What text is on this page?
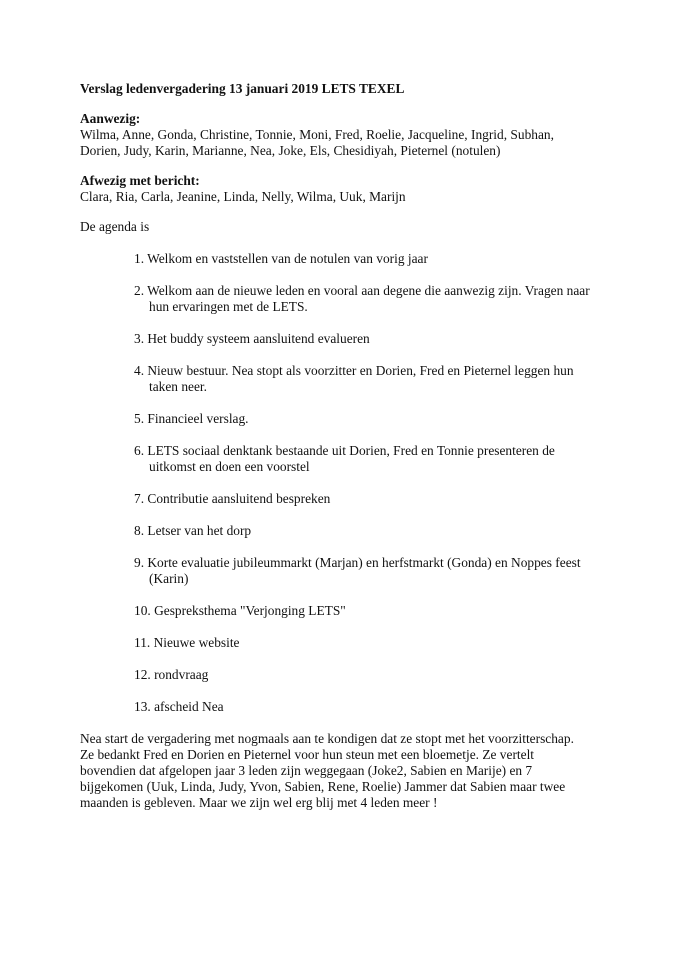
Verslag ledenvergadering 13 januari 2019 LETS TEXEL
Aanwezig:
Wilma, Anne, Gonda, Christine, Tonnie, Moni, Fred, Roelie, Jacqueline, Ingrid, Subhan,
Dorien, Judy, Karin, Marianne, Nea, Joke, Els, Chesidiyah, Pieternel (notulen)
Afwezig met bericht:
Clara, Ria, Carla, Jeanine, Linda, Nelly, Wilma, Uuk, Marijn
De agenda is
1. Welkom en vaststellen van de notulen van vorig jaar
2. Welkom aan de nieuwe leden en vooral aan degene die aanwezig zijn. Vragen naar
hun ervaringen met de LETS.
3. Het buddy systeem aansluitend evalueren
4. Nieuw bestuur. Nea stopt als voorzitter en Dorien, Fred en Pieternel leggen hun
taken neer.
5. Financieel verslag.
6. LETS sociaal denktank bestaande uit Dorien, Fred en Tonnie presenteren de
uitkomst en doen een voorstel
7. Contributie aansluitend bespreken
8. Letser van het dorp
9. Korte evaluatie jubileummarkt (Marjan) en herfstmarkt (Gonda) en Noppes feest
(Karin)
10. Gespreksthema "Verjonging LETS"
11. Nieuwe website
12. rondvraag
13. afscheid Nea
Nea start de vergadering met nogmaals aan te kondigen dat ze stopt met het voorzitterschap.
Ze bedankt Fred en Dorien en Pieternel voor hun steun met een bloemetje. Ze vertelt
bovendien dat afgelopen jaar 3 leden zijn weggegaan (Joke2, Sabien en Marije) en 7
bijgekomen (Uuk, Linda, Judy, Yvon, Sabien, Rene, Roelie) Jammer dat Sabien maar twee
maanden is gebleven. Maar we zijn wel erg blij met 4 leden meer !
